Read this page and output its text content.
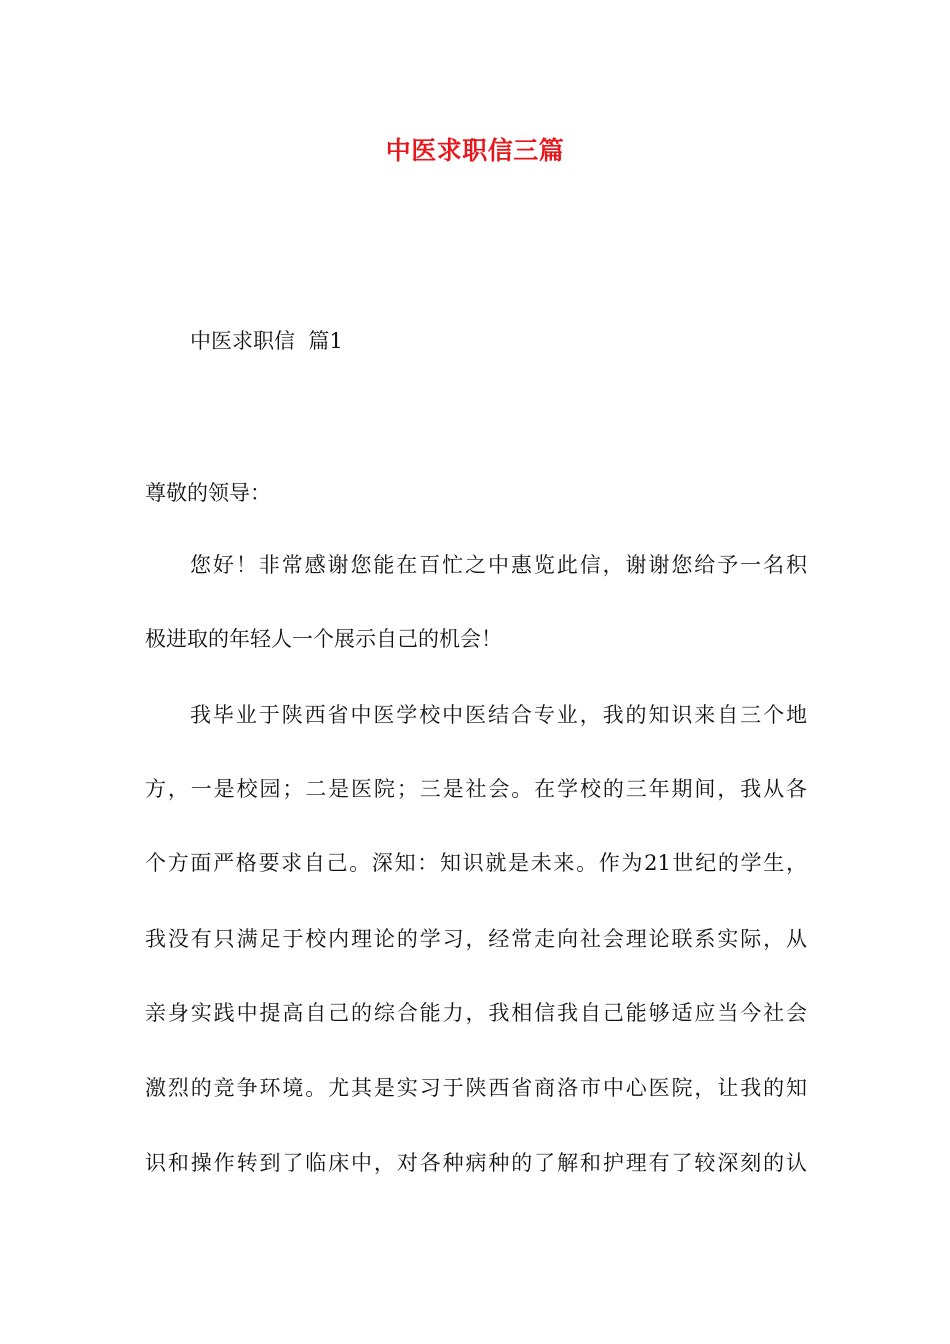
中医求职信三篇
中医求职信  篇1
尊敬的领导：
您好！非常感谢您能在百忙之中惠览此信，谢谢您给予一名积
极进取的年轻人一个展示自己的机会！
我毕业于陕西省中医学校中医结合专业，我的知识来自三个地
方，一是校园；二是医院；三是社会。在学校的三年期间，我从各
个方面严格要求自己。深知：知识就是未来。作为21世纪的学生，
我没有只满足于校内理论的学习，经常走向社会理论联系实际，从
亲身实践中提高自己的综合能力，我相信我自己能够适应当今社会
激烈的竞争环境。尤其是实习于陕西省商洛市中心医院，让我的知
识和操作转到了临床中，对各种病种的了解和护理有了较深刻的认
